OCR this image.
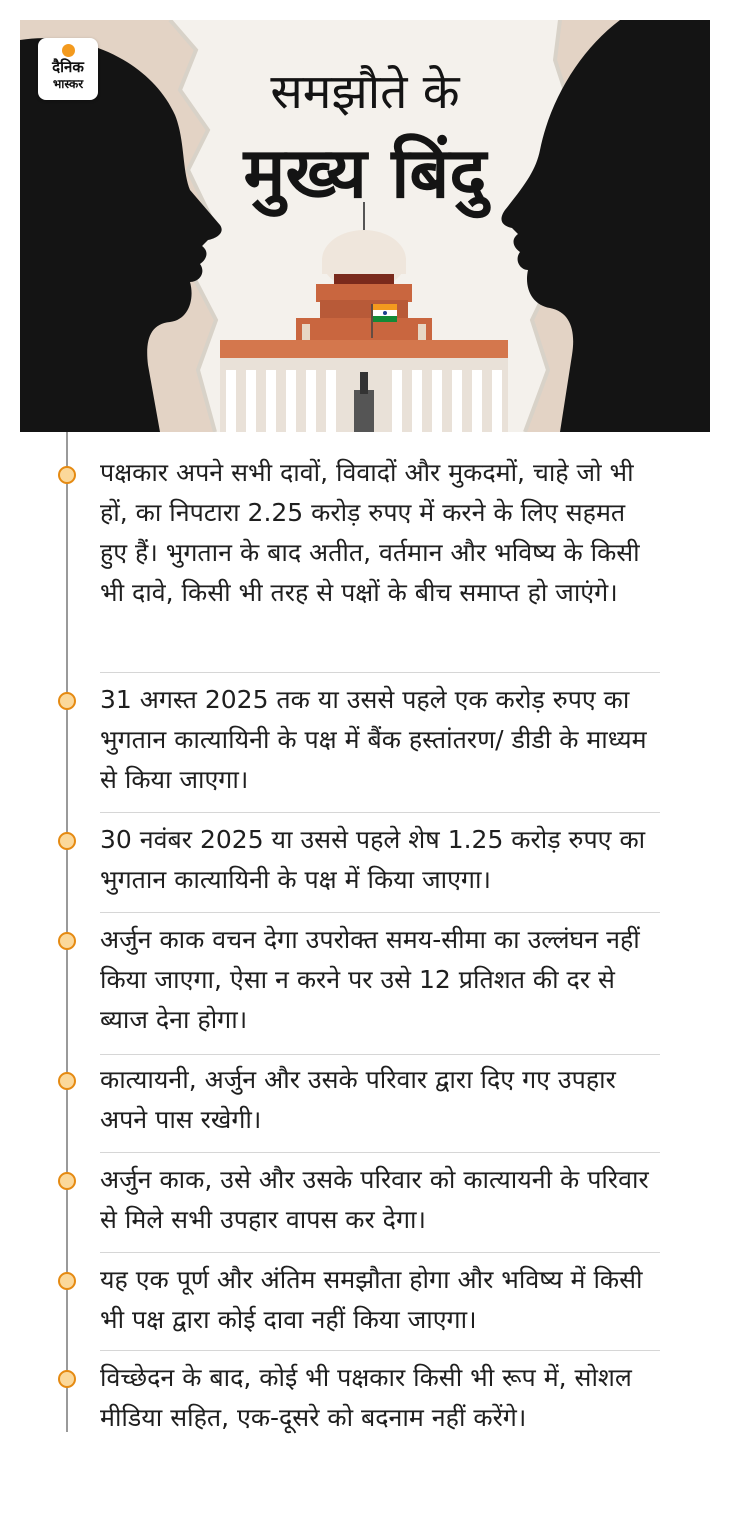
दैनिक
भास्कर	समझौते के
मुख्य बिंदु
पक्षकार अपने सभी दावों, विवादों और मुकदमों, चाहे जो भी हों, का निपटारा 2.25 करोड़ रुपए में करने के लिए सहमत हुए हैं। भुगतान के बाद अतीत, वर्तमान और भविष्य के किसी भी दावे, किसी भी तरह से पक्षों के बीच समाप्त हो जाएंगे।
31 अगस्त 2025 तक या उससे पहले एक करोड़ रुपए का भुगतान कात्यायिनी के पक्ष में बैंक हस्तांतरण/ डीडी के माध्यम से किया जाएगा।
30 नवंबर 2025 या उससे पहले शेष 1.25 करोड़ रुपए का भुगतान कात्यायिनी के पक्ष में किया जाएगा।
अर्जुन काक वचन देगा उपरोक्त समय-सीमा का उल्लंघन नहीं किया जाएगा, ऐसा न करने पर उसे 12 प्रतिशत की दर से ब्याज देना होगा।
कात्यायनी, अर्जुन और उसके परिवार द्वारा दिए गए उपहार अपने पास रखेगी।
अर्जुन काक, उसे और उसके परिवार को कात्यायनी के परिवार से मिले सभी उपहार वापस कर देगा।
यह एक पूर्ण और अंतिम समझौता होगा और भविष्य में किसी भी पक्ष द्वारा कोई दावा नहीं किया जाएगा।
विच्छेदन के बाद, कोई भी पक्षकार किसी भी रूप में, सोशल मीडिया सहित, एक-दूसरे को बदनाम नहीं करेंगे।
